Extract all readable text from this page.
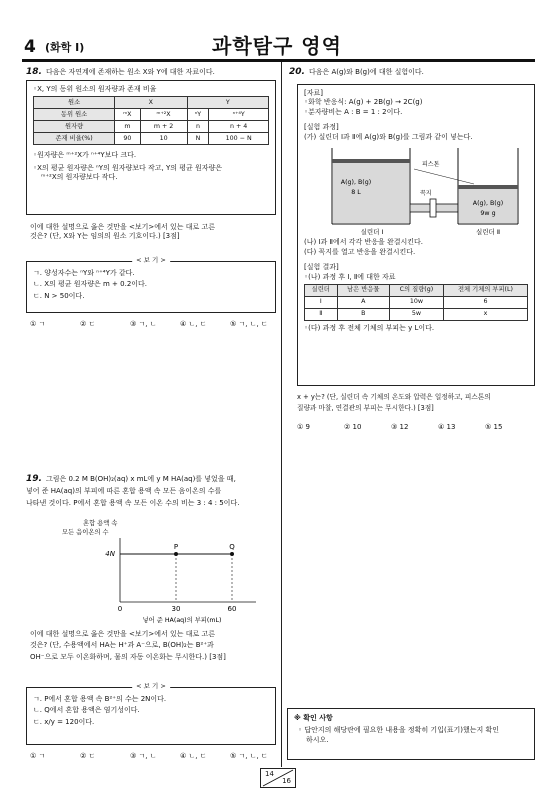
4 (화학 Ⅰ)	과학탐구 영역
18. 다음은 자연계에 존재하는 원소 X와 Y에 대한 자료이다.
◦X, Y의 동위 원소의 원자량과 존재 비율
원소	X		Y	
동위 원소	ᵐX	ᵐ⁺²X	ⁿY	ⁿ⁺⁴Y
원자량	m	m + 2	n	n + 4
존재 비율(%)	90	10	N	100 − N
◦원자량은 ᵐ⁺²X가 ⁿ⁺⁴Y보다 크다.
◦X의 평균 원자량은 ⁿY의 원자량보다 작고, Y의 평균 원자량은
ᵐ⁺²X의 원자량보다 작다.
이에 대한 설명으로 옳은 것만을 <보기>에서 있는 대로 고른
것은? (단, X와 Y는 임의의 원소 기호이다.) [3점]
< 보 기 >
ㄱ. 양성자수는 ⁿY와 ⁿ⁺⁴Y가 같다.
ㄴ. X의 평균 원자량은 m + 0.2이다.
ㄷ. N > 50이다.
① ㄱ	② ㄷ	③ ㄱ, ㄴ	④ ㄴ, ㄷ	⑤ ㄱ, ㄴ, ㄷ
19. 그림은 0.2 M B(OH)₂(aq) x mL에 y M HA(aq)를 넣었을 때,
넣어 준 HA(aq)의 부피에 따른 혼합 용액 속 모든 음이온의 수를
나타낸 것이다. P에서 혼합 용액 속 모든 이온 수의 비는 3 : 4 : 5이다.
혼합 용액 속
모든 음이온의 수
P	Q
4N
0	30	60
넣어 준 HA(aq)의 부피(mL)
이에 대한 설명으로 옳은 것만을 <보기>에서 있는 대로 고른
것은? (단, 수용액에서 HA는 H⁺과 A⁻으로, B(OH)₂는 B²⁺과
OH⁻으로 모두 이온화하며, 물의 자동 이온화는 무시한다.) [3점]
< 보 기 >
ㄱ. P에서 혼합 용액 속 B²⁺의 수는 2N이다.
ㄴ. Q에서 혼합 용액은 염기성이다.
ㄷ. x/y = 120이다.
① ㄱ	② ㄷ	③ ㄱ, ㄴ	④ ㄴ, ㄷ	⑤ ㄱ, ㄴ, ㄷ
20. 다음은 A(g)와 B(g)에 대한 실험이다.
[자료]
◦화학 반응식: A(g) + 2B(g) → 2C(g)
◦분자량비는 A : B = 1 : 2이다.
[실험 과정]
(가) 실린더 Ⅰ과 Ⅱ에 A(g)와 B(g)를 그림과 같이 넣는다.
A(g), B(g)
8 L	꼭지
A(g), B(g)
9w g
피스톤
실린더 Ⅰ	실린더 Ⅱ
(나) Ⅰ과 Ⅱ에서 각각 반응을 완결시킨다.
(다) 꼭지를 열고 반응을 완결시킨다.
[실험 결과]
◦(나) 과정 후 Ⅰ, Ⅱ에 대한 자료
실린더	남은 반응물	C의 질량(g)	전체 기체의 부피(L)
Ⅰ	A	10w	6
Ⅱ	B	5w	x
◦(다) 과정 후 전체 기체의 부피는 y L이다.
x + y는? (단, 실린더 속 기체의 온도와 압력은 일정하고, 피스톤의
질량과 마찰, 연결관의 부피는 무시한다.) [3점]
① 9	② 10	③ 12	④ 13	⑤ 15
※ 확인 사항
◦ 답안지의 해당란에 필요한 내용을 정확히 기입(표기)했는지 확인
하시오.
14
16
